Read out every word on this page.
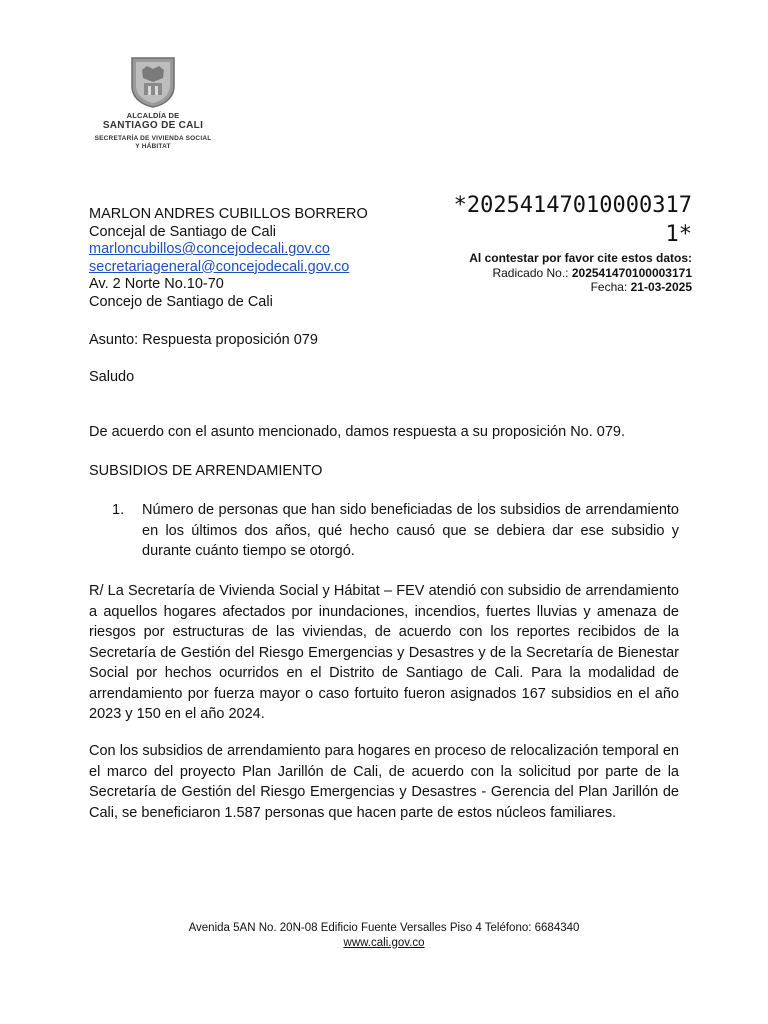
ALCALDÍA DE
SANTIAGO DE CALI
SECRETARÍA DE VIVIENDA SOCIAL
Y HÁBITAT
MARLON ANDRES CUBILLOS BORRERO
Concejal de Santiago de Cali
marloncubillos@concejodecali.gov.co
secretariageneral@concejodecali.gov.co
Av. 2 Norte No.10-70
Concejo de Santiago de Cali
*20254147010000317
1*
Al contestar por favor cite estos datos:
Radicado No.: 202541470100003171
Fecha: 21-03-2025
Asunto: Respuesta proposición 079
Saludo
De acuerdo con el asunto mencionado, damos respuesta a su proposición No. 079.
SUBSIDIOS DE ARRENDAMIENTO
1. Número de personas que han sido beneficiadas de los subsidios de arrendamiento en los últimos dos años, qué hecho causó que se debiera dar ese subsidio y durante cuánto tiempo se otorgó.
R/ La Secretaría de Vivienda Social y Hábitat – FEV atendió con subsidio de arrendamiento a aquellos hogares afectados por inundaciones, incendios, fuertes lluvias y amenaza de riesgos por estructuras de las viviendas, de acuerdo con los reportes recibidos de la Secretaría de Gestión del Riesgo Emergencias y Desastres y de la Secretaría de Bienestar Social por hechos ocurridos en el Distrito de Santiago de Cali. Para la modalidad de arrendamiento por fuerza mayor o caso fortuito fueron asignados 167 subsidios en el año 2023 y 150 en el año 2024.
Con los subsidios de arrendamiento para hogares en proceso de relocalización temporal en el marco del proyecto Plan Jarillón de Cali, de acuerdo con la solicitud por parte de la Secretaría de Gestión del Riesgo Emergencias y Desastres - Gerencia del Plan Jarillón de Cali, se beneficiaron 1.587 personas que hacen parte de estos núcleos familiares.
Avenida 5AN No. 20N-08 Edificio Fuente Versalles Piso 4 Teléfono: 6684340
www.cali.gov.co
